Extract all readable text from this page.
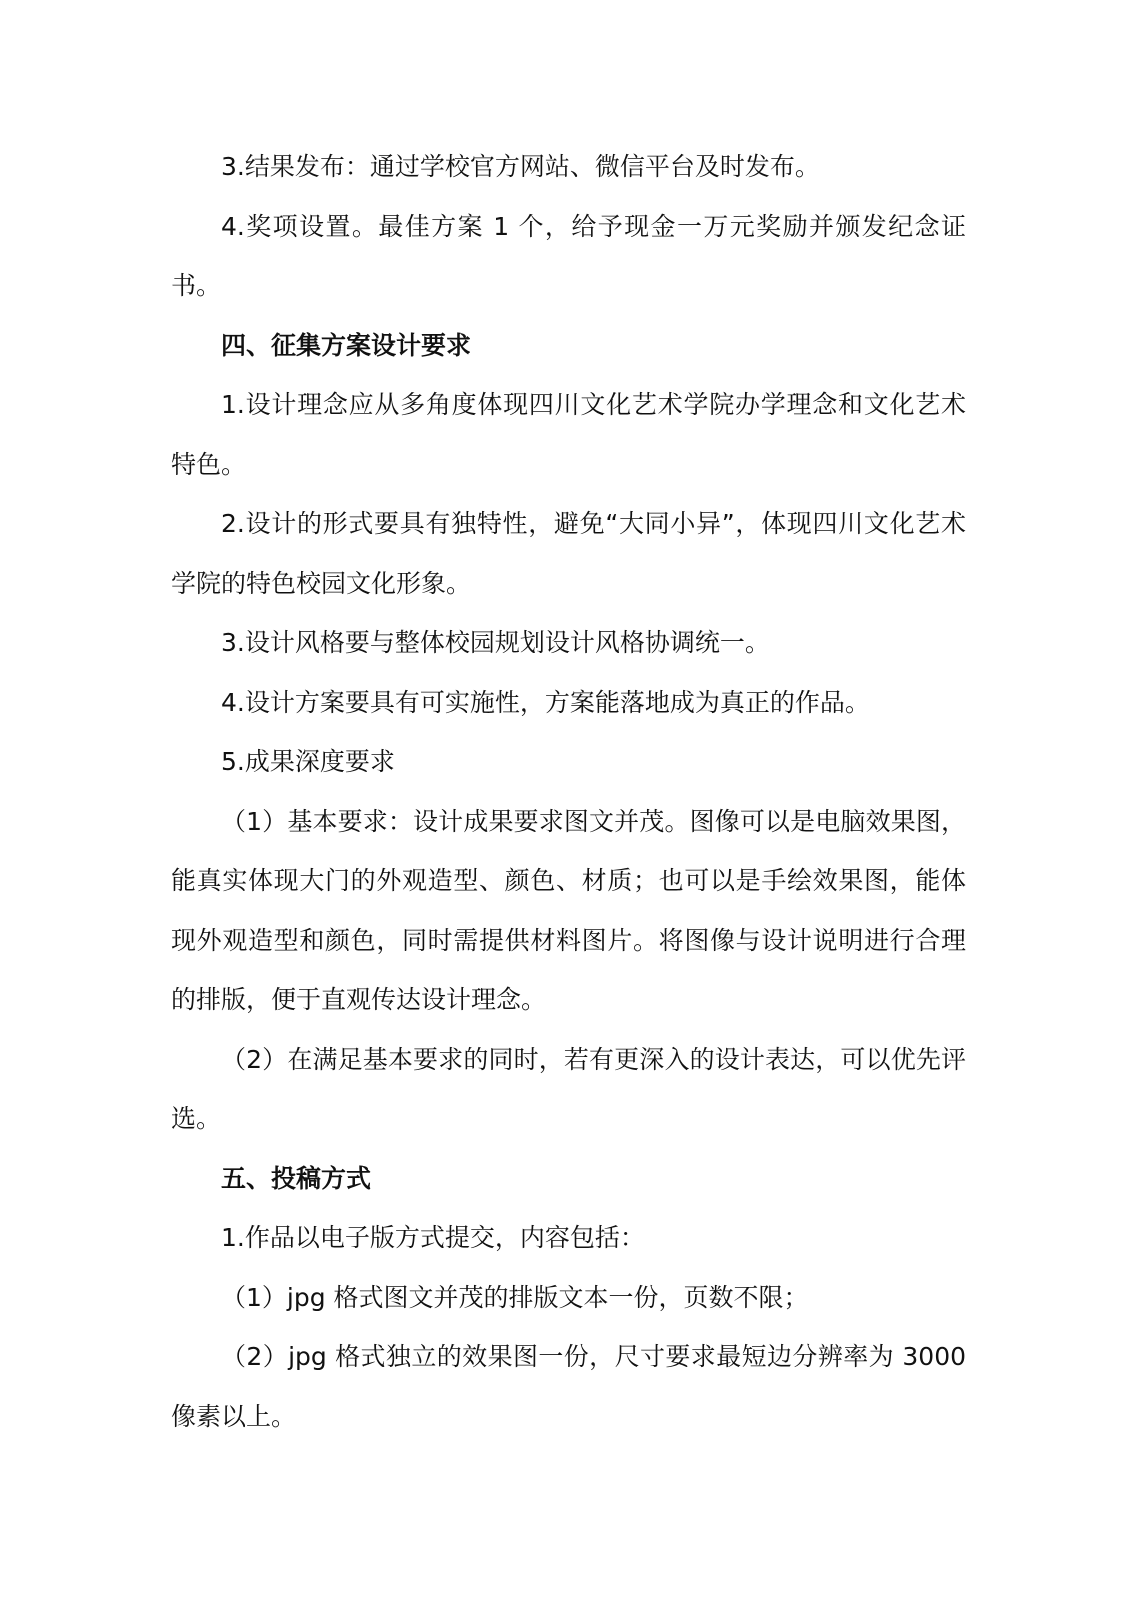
3.结果发布：通过学校官方网站、微信平台及时发布。

4.奖项设置。最佳方案 1 个，给予现金一万元奖励并颁发纪念证书。

四、征集方案设计要求

1.设计理念应从多角度体现四川文化艺术学院办学理念和文化艺术特色。

2.设计的形式要具有独特性，避免“大同小异”，体现四川文化艺术学院的特色校园文化形象。

3.设计风格要与整体校园规划设计风格协调统一。

4.设计方案要具有可实施性，方案能落地成为真正的作品。

5.成果深度要求

（1）基本要求：设计成果要求图文并茂。图像可以是电脑效果图，能真实体现大门的外观造型、颜色、材质；也可以是手绘效果图，能体现外观造型和颜色，同时需提供材料图片。将图像与设计说明进行合理的排版，便于直观传达设计理念。

（2）在满足基本要求的同时，若有更深入的设计表达，可以优先评选。

五、投稿方式

1.作品以电子版方式提交，内容包括：

（1）jpg 格式图文并茂的排版文本一份，页数不限；

（2）jpg 格式独立的效果图一份，尺寸要求最短边分辨率为 3000 像素以上。
